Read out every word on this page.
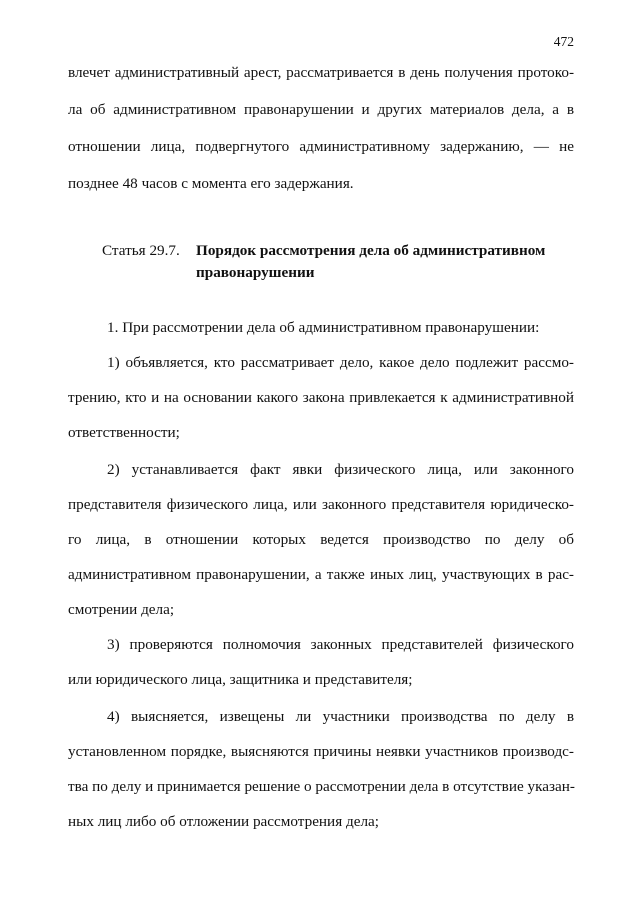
472

влечет административный арест, рассматривается в день получения протоко-

ла об административном правонарушении и других материалов дела, а в

отношении лица, подвергнутого административному задержанию, — не

позднее 48 часов с момента его задержания.

Статья 29.7. Порядок рассмотрения дела об административном
правонарушении

1. При рассмотрении дела об административном правонарушении:

1) объявляется, кто рассматривает дело, какое дело подлежит рассмо-

трению, кто и на основании какого закона привлекается к административной

ответственности;

2) устанавливается факт явки физического лица, или законного

представителя физического лица, или законного представителя юридическо-

го лица, в отношении которых ведется производство по делу об

административном правонарушении, а также иных лиц, участвующих в рас-

смотрении дела;

3) проверяются полномочия законных представителей физического

или юридического лица, защитника и представителя;

4) выясняется, извещены ли участники производства по делу в

установленном порядке, выясняются причины неявки участников производс-

тва по делу и принимается решение о рассмотрении дела в отсутствие указан-

ных лиц либо об отложении рассмотрения дела;
